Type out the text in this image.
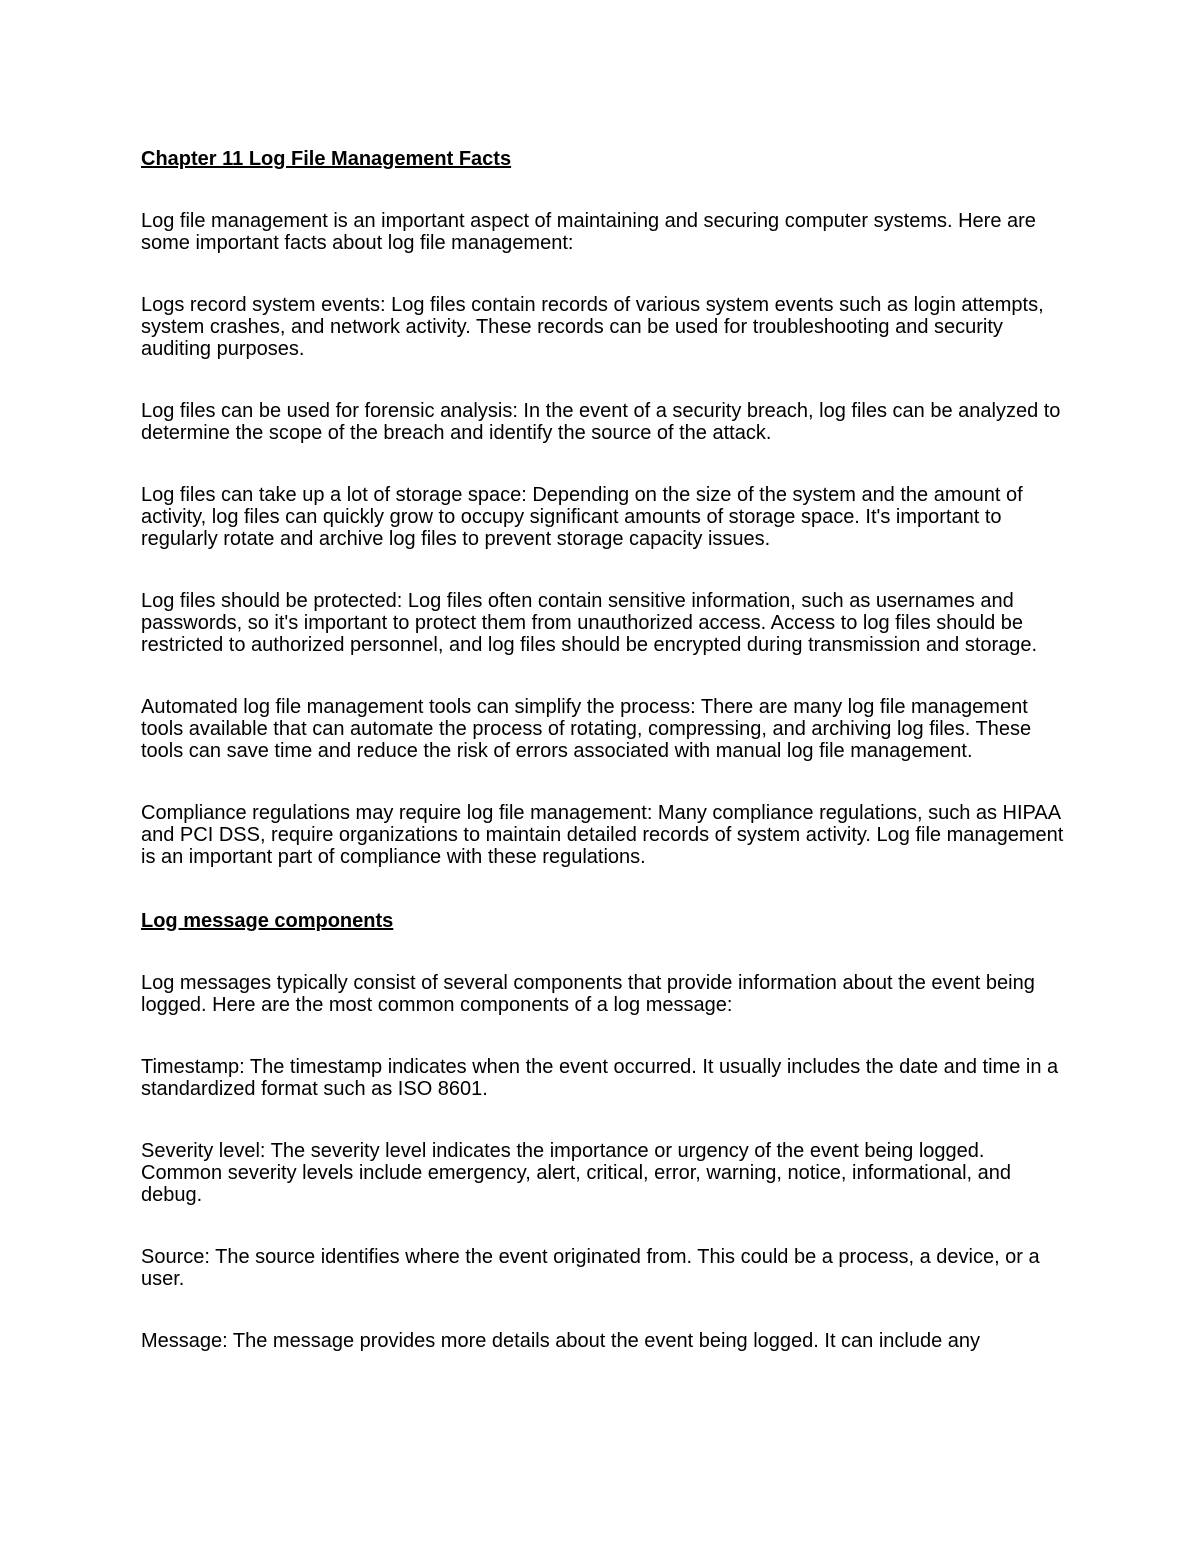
Chapter 11 Log File Management Facts

Log file management is an important aspect of maintaining and securing computer systems. Here are some important facts about log file management:

Logs record system events: Log files contain records of various system events such as login attempts, system crashes, and network activity. These records can be used for troubleshooting and security auditing purposes.

Log files can be used for forensic analysis: In the event of a security breach, log files can be analyzed to determine the scope of the breach and identify the source of the attack.

Log files can take up a lot of storage space: Depending on the size of the system and the amount of activity, log files can quickly grow to occupy significant amounts of storage space. It's important to regularly rotate and archive log files to prevent storage capacity issues.

Log files should be protected: Log files often contain sensitive information, such as usernames and passwords, so it's important to protect them from unauthorized access. Access to log files should be restricted to authorized personnel, and log files should be encrypted during transmission and storage.

Automated log file management tools can simplify the process: There are many log file management tools available that can automate the process of rotating, compressing, and archiving log files. These tools can save time and reduce the risk of errors associated with manual log file management.

Compliance regulations may require log file management: Many compliance regulations, such as HIPAA and PCI DSS, require organizations to maintain detailed records of system activity. Log file management is an important part of compliance with these regulations.

Log message components

Log messages typically consist of several components that provide information about the event being logged. Here are the most common components of a log message:

Timestamp: The timestamp indicates when the event occurred. It usually includes the date and time in a standardized format such as ISO 8601.

Severity level: The severity level indicates the importance or urgency of the event being logged. Common severity levels include emergency, alert, critical, error, warning, notice, informational, and debug.

Source: The source identifies where the event originated from. This could be a process, a device, or a user.

Message: The message provides more details about the event being logged. It can include any
